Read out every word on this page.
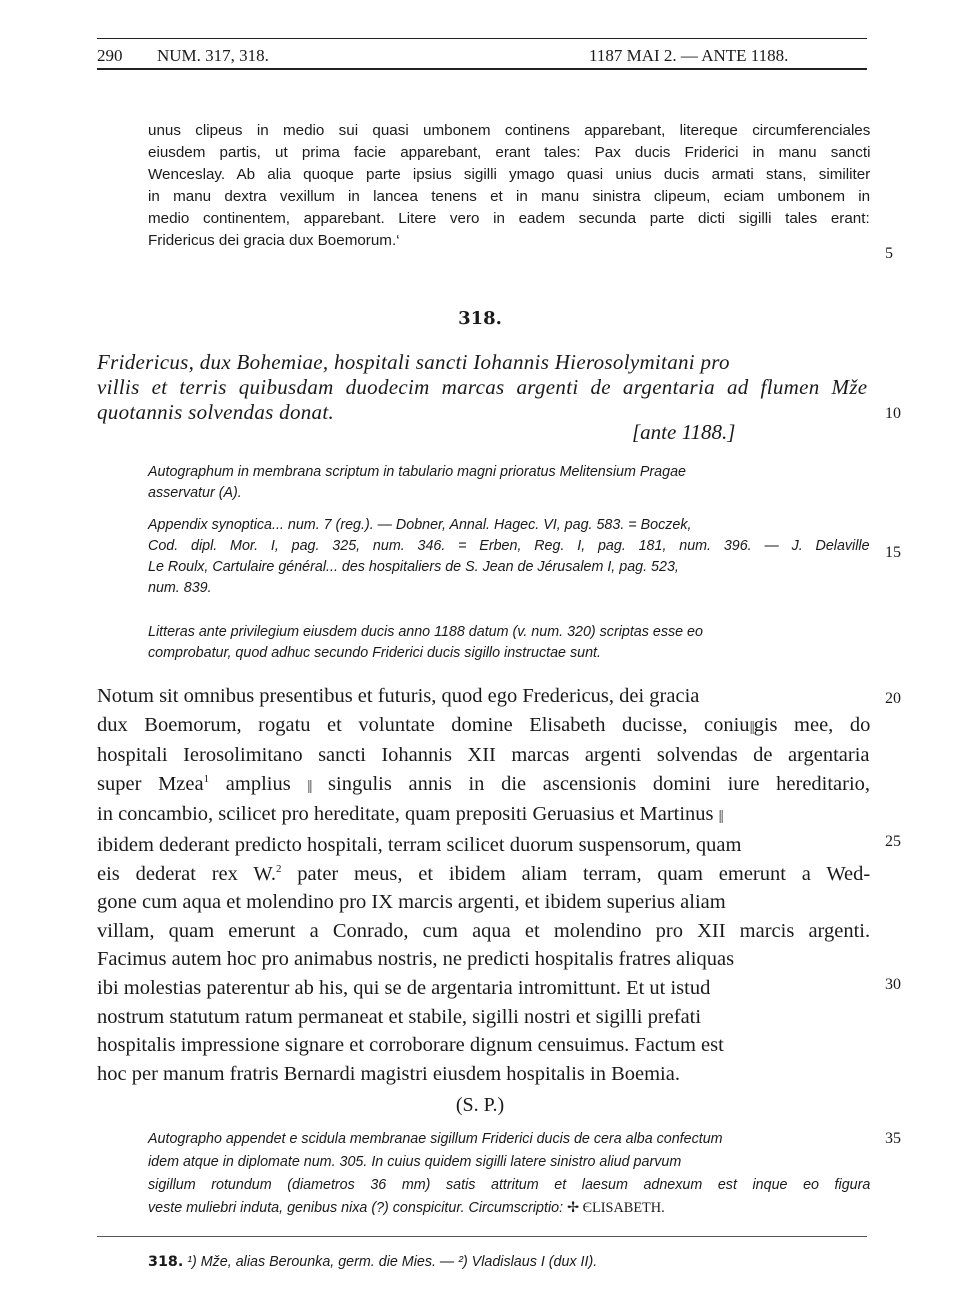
290 NUM. 317, 318.	1187 MAI 2. — ANTE 1188.
unus clipeus in medio sui quasi umbonem continens apparebant, litereque circumferenciales
eiusdem partis, ut prima facie apparebant, erant tales: Pax ducis Friderici in manu sancti
Wenceslay. Ab alia quoque parte ipsius sigilli ymago quasi unius ducis armati stans, similiter
in manu dextra vexillum in lancea tenens et in manu sinistra clipeum, eciam umbonem in
medio continentem, apparebant. Litere vero in eadem secunda parte dicti sigilli tales erant:
Fridericus dei gracia dux Boemorum.‘
318.
Fridericus, dux Bohemiae, hospitali sancti Iohannis Hierosolymitani pro
villis et terris quibusdam duodecim marcas argenti de argentaria ad flumen Mže
quotannis solvendas donat.
[ante 1188.]
Autographum in membrana scriptum in tabulario magni prioratus Melitensium Pragae
asservatur (A).
Appendix synoptica... num. 7 (reg.). — Dobner, Annal. Hagec. VI, pag. 583. = Boczek,
Cod. dipl. Mor. I, pag. 325, num. 346. = Erben, Reg. I, pag. 181, num. 396. — J. Delaville
Le Roulx, Cartulaire général... des hospitaliers de S. Jean de Jérusalem I, pag. 523,
num. 839.
Litteras ante privilegium eiusdem ducis anno 1188 datum (v. num. 320) scriptas esse eo
comprobatur, quod adhuc secundo Friderici ducis sigillo instructae sunt.
Notum sit omnibus presentibus et futuris, quod ego Fredericus, dei gracia
dux Boemorum, rogatu et voluntate domine Elisabeth ducisse, coniu||gis mee, do
hospitali Ierosolimitano sancti Iohannis XII marcas argenti solvendas de argentaria
super Mzea$^1$ amplius || singulis annis in die ascensionis domini iure hereditario,
in concambio, scilicet pro hereditate, quam prepositi Geruasius et Martinus ||
ibidem dederant predicto hospitali, terram scilicet duorum suspensorum, quam
eis dederat rex W.$^2$ pater meus, et ibidem aliam terram, quam emerunt a Wed-
gone cum aqua et molendino pro IX marcis argenti, et ibidem superius aliam
villam, quam emerunt a Conrado, cum aqua et molendino pro XII marcis argenti.
Facimus autem hoc pro animabus nostris, ne predicti hospitalis fratres aliquas
ibi molestias paterentur ab his, qui se de argentaria intromittunt. Et ut istud
nostrum statutum ratum permaneat et stabile, sigilli nostri et sigilli prefati
hospitalis impressione signare et corroborare dignum censuimus. Factum est
hoc per manum fratris Bernardi magistri eiusdem hospitalis in Boemia.
(S. P.)
Autographo appendet e scidula membranae sigillum Friderici ducis de cera alba confectum
idem atque in diplomate num. 305. In cuius quidem sigilli latere sinistro aliud parvum
sigillum rotundum (diametros 36 mm) satis attritum et laesum adnexum est inque eo figura
veste muliebri induta, genibus nixa (?) conspicitur. Circumscriptio: ✢ ЄLISABETH.
318. ¹) Mže, alias Berounka, germ. die Mies. — ²) Vladislaus I (dux II).
5
10
15
20
25
30
35
